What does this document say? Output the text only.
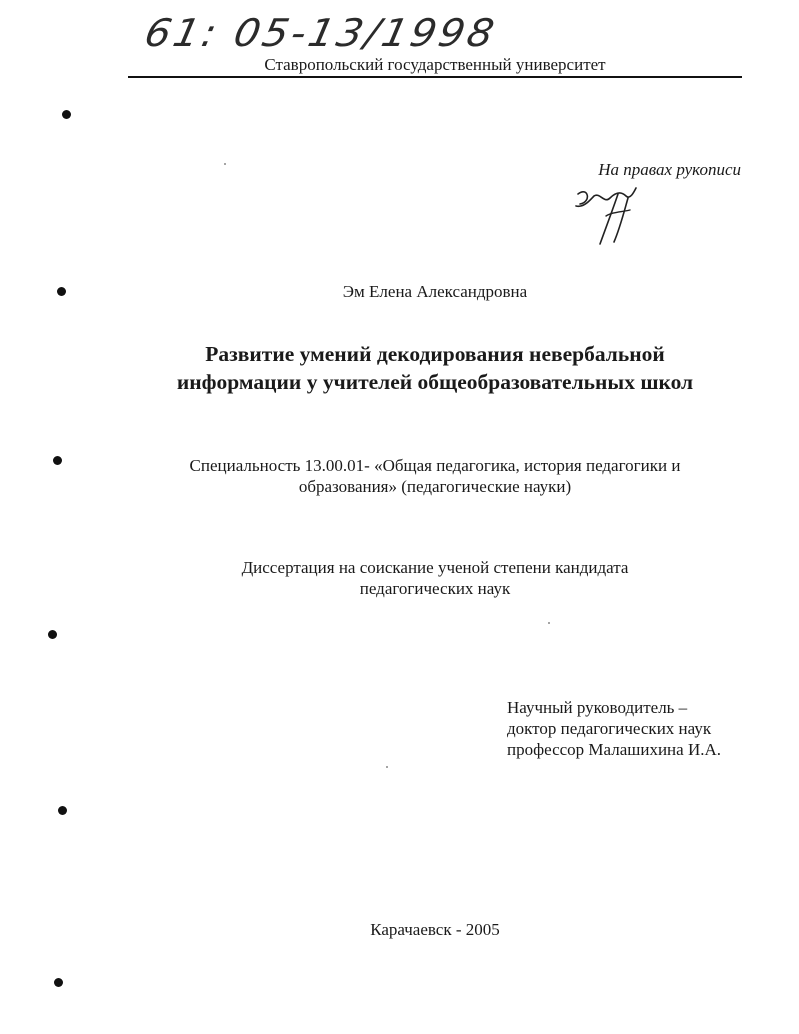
61: 05-13/1998
Ставропольский государственный университет
На правах рукописи
Эм Елена Александровна
Развитие умений декодирования невербальной
информации у учителей общеобразовательных школ
Специальность 13.00.01- «Общая педагогика, история педагогики и
образования» (педагогические науки)
Диссертация на соискание ученой степени кандидата
педагогических наук
Научный руководитель –
доктор педагогических наук
профессор Малашихина И.А.
Карачаевск - 2005
